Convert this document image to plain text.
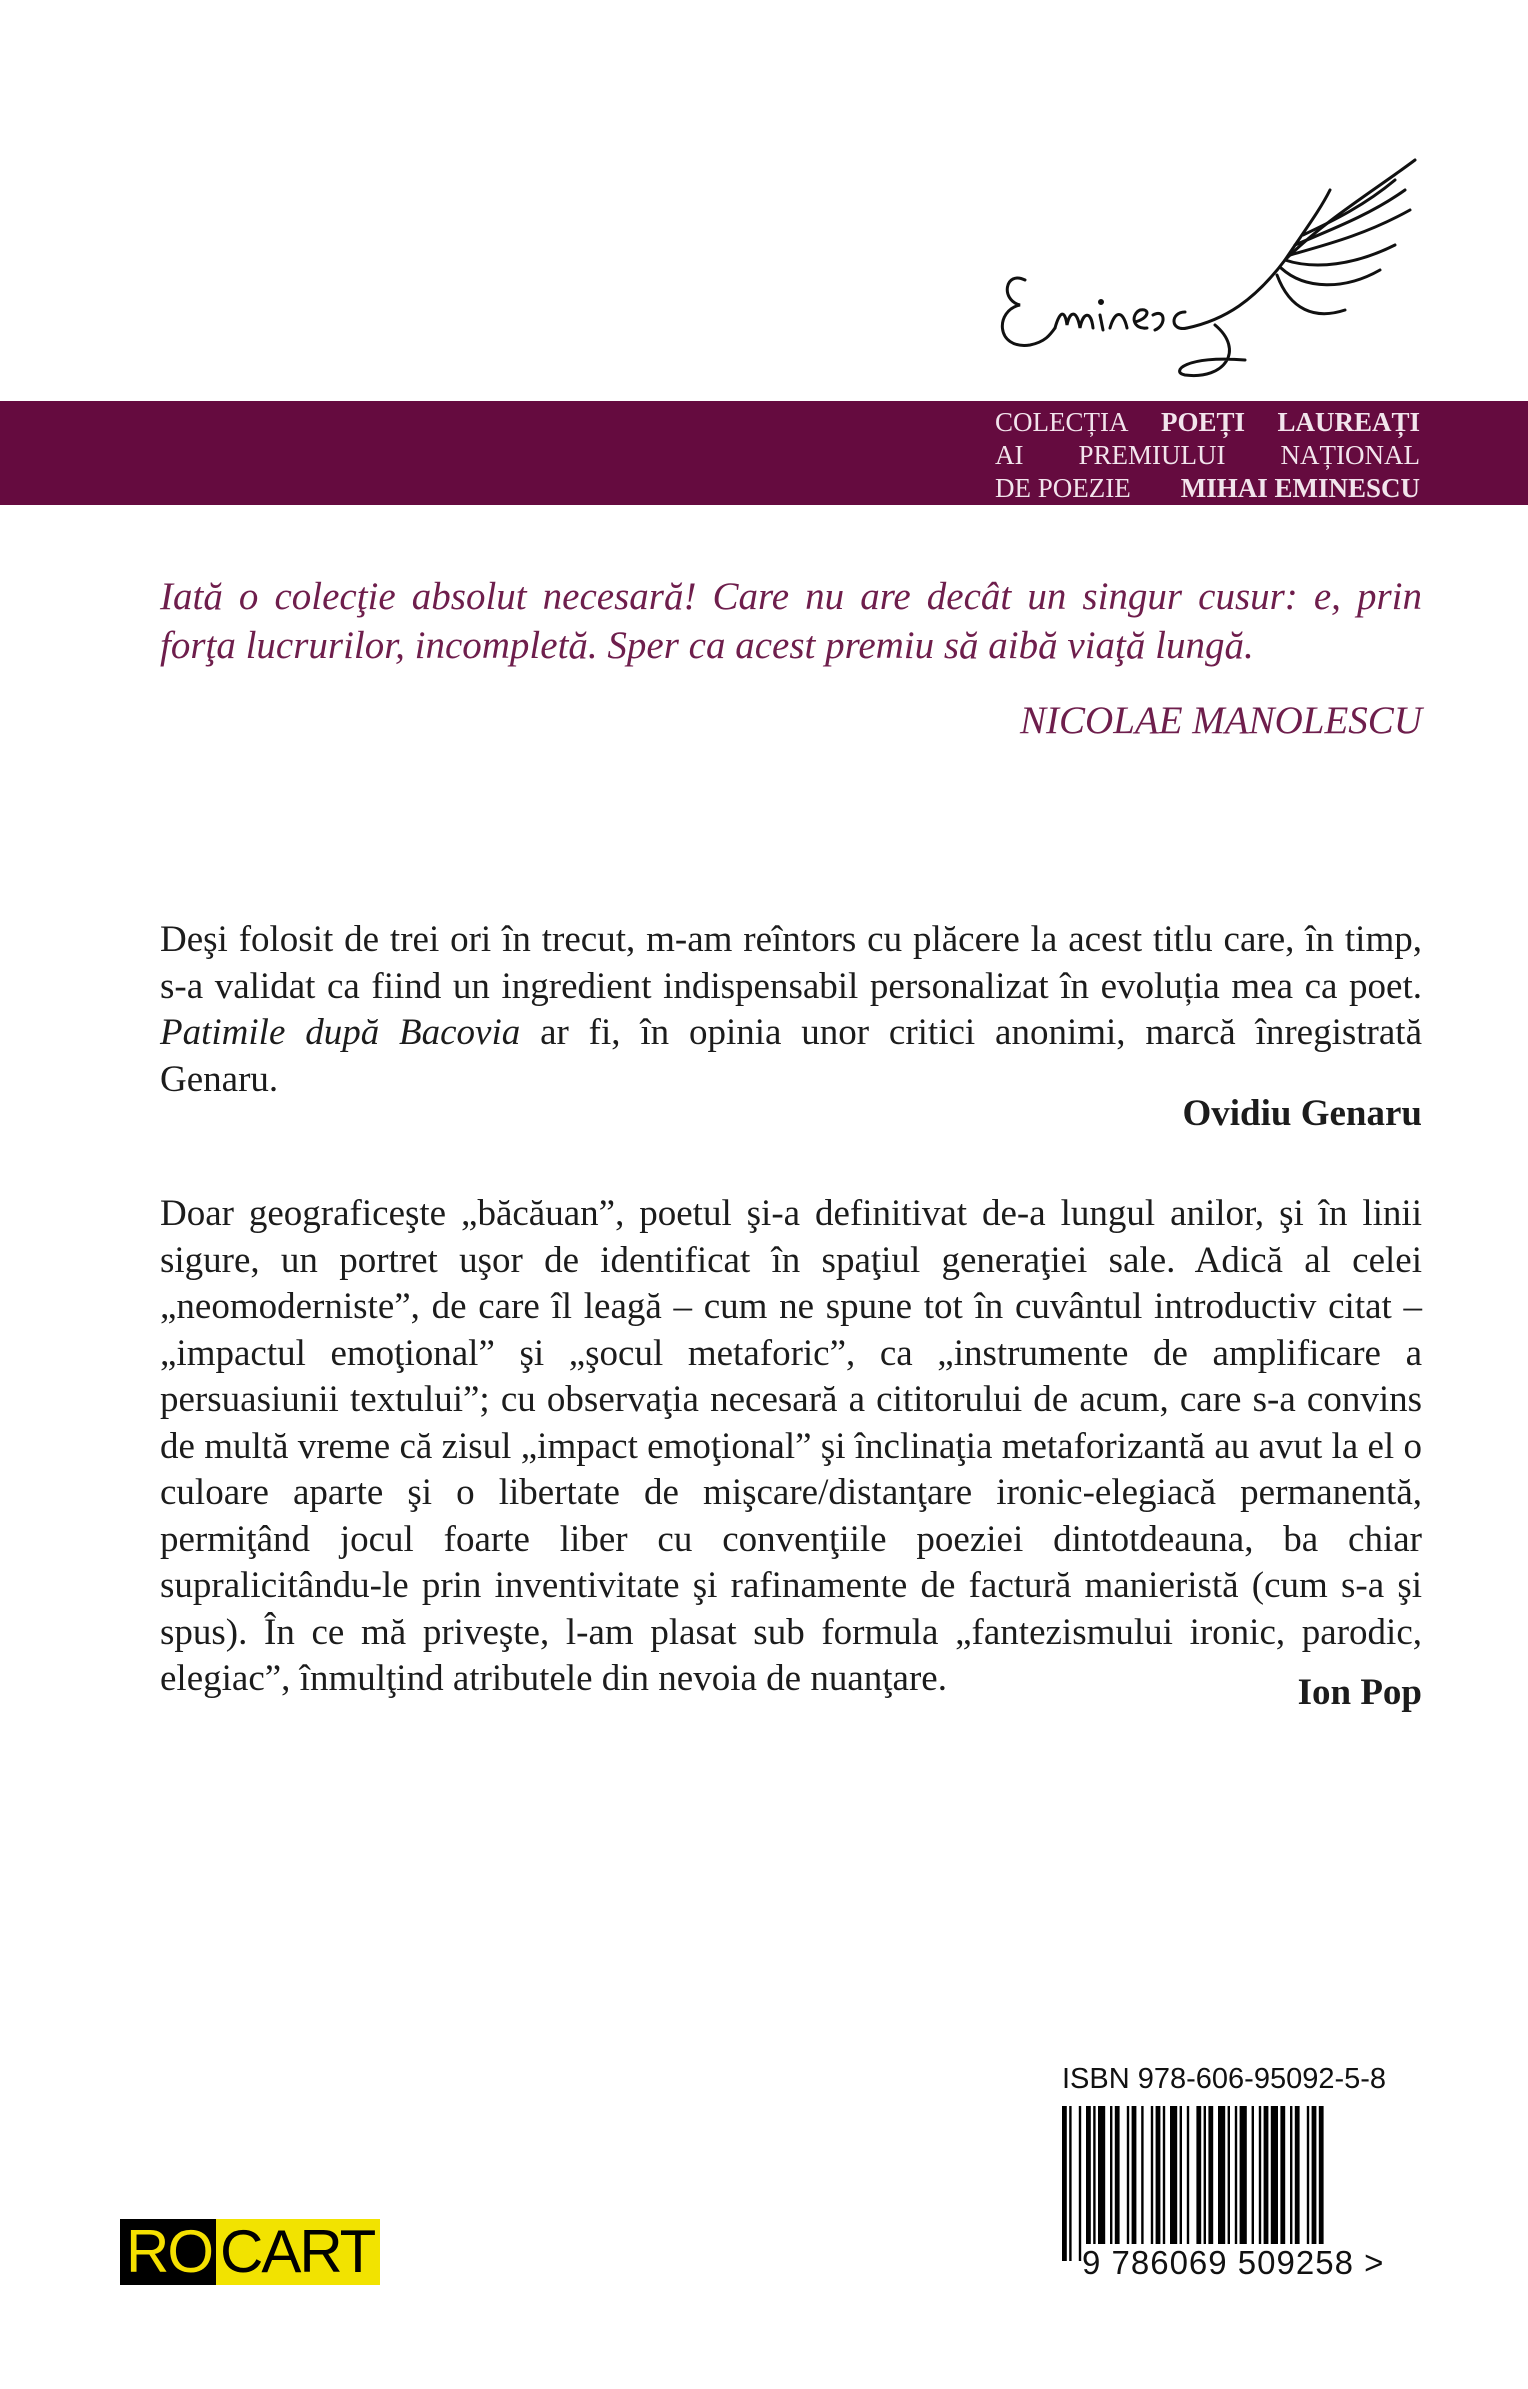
COLECȚIA POEȚI LAUREAȚI
AI PREMIULUI NAȚIONAL
DE POEZIE MIHAI EMINESCU
Iată o colecţie absolut necesară! Care nu are decât un singur cusur: e, prin forţa lucrurilor, incompletă. Sper ca acest premiu să aibă viaţă lungă.
NICOLAE MANOLESCU
Deşi folosit de trei ori în trecut, m-am reîntors cu plăcere la acest titlu care, în timp, s-a validat ca fiind un ingredient indispensabil personalizat în evoluția mea ca poet. Patimile după Bacovia ar fi, în opinia unor critici anonimi, marcă înregistrată Genaru.
Ovidiu Genaru
Doar geograficeşte „băcăuan”, poetul şi-a definitivat de-a lungul anilor, şi în linii sigure, un portret uşor de identificat în spaţiul generaţiei sale. Adică al celei „neomoderniste”, de care îl leagă – cum ne spune tot în cuvântul introductiv citat – „impactul emoţional” şi „şocul metaforic”, ca „instrumente de amplificare a persuasiunii textului”; cu observaţia necesară a cititorului de acum, care s-a convins de multă vreme că zisul „impact emoţional” şi înclinaţia metaforizantă au avut la el o culoare aparte şi o libertate de mişcare/distanţare ironic-elegiacă permanentă, permiţând jocul foarte liber cu convenţiile poeziei dintotdeauna, ba chiar supralicitându-le prin inventivitate şi rafinamente de factură manieristă (cum s-a şi spus). În ce mă priveşte, l-am plasat sub formula „fantezismului ironic, parodic, elegiac”, înmulţind atributele din nevoia de nuanţare.	Ion Pop
ISBN 978-606-95092-5-8
9 786069 509258 >
RO CART
